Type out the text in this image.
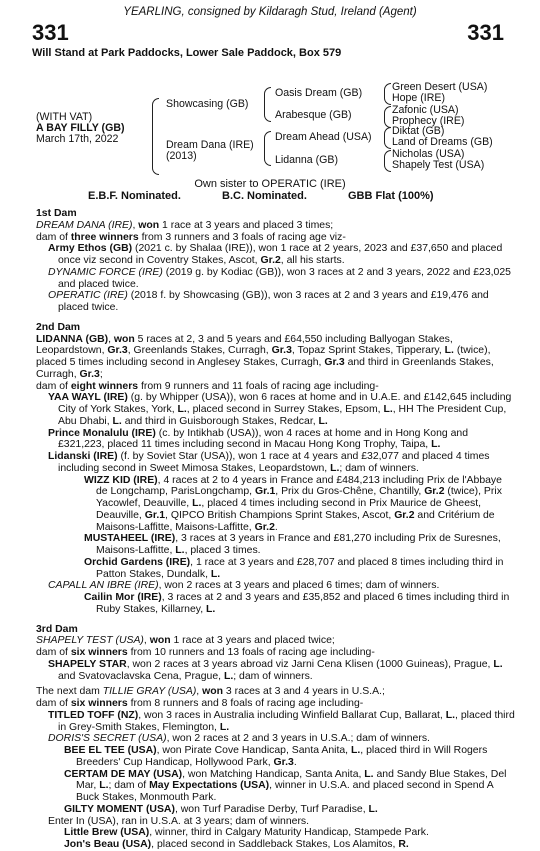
YEARLING, consigned by Kildaragh Stud, Ireland (Agent)
331	331
Will Stand at Park Paddocks, Lower Sale Paddock, Box 579
(WITH VAT)
A BAY FILLY (GB)
March 17th, 2022
Showcasing (GB)
Dream Dana (IRE)
(2013)
Oasis Dream (GB)
Arabesque (GB)
Dream Ahead (USA)
Lidanna (GB)
Green Desert (USA)
Hope (IRE)
Zafonic (USA)
Prophecy (IRE)
Diktat (GB)
Land of Dreams (GB)
Nicholas (USA)
Shapely Test (USA)
Own sister to OPERATIC (IRE)
E.B.F. Nominated.	B.C. Nominated.	GBB Flat (100%)
1st Dam
DREAM DANA (IRE), won 1 race at 3 years and placed 3 times;
dam of three winners from 3 runners and 3 foals of racing age viz-
Army Ethos (GB) (2021 c. by Shalaa (IRE)), won 1 race at 2 years, 2023 and £37,650 and placed once viz second in Coventry Stakes, Ascot, Gr.2, all his starts.
DYNAMIC FORCE (IRE) (2019 g. by Kodiac (GB)), won 3 races at 2 and 3 years, 2022 and £23,025 and placed twice.
OPERATIC (IRE) (2018 f. by Showcasing (GB)), won 3 races at 2 and 3 years and £19,476 and placed twice.
2nd Dam
LIDANNA (GB), won 5 races at 2, 3 and 5 years and £64,550 including Ballyogan Stakes, Leopardstown, Gr.3, Greenlands Stakes, Curragh, Gr.3, Topaz Sprint Stakes, Tipperary, L. (twice), placed 5 times including second in Anglesey Stakes, Curragh, Gr.3 and third in Greenlands Stakes, Curragh, Gr.3;
dam of eight winners from 9 runners and 11 foals of racing age including-
YAA WAYL (IRE) (g. by Whipper (USA)), won 6 races at home and in U.A.E. and £142,645 including City of York Stakes, York, L., placed second in Surrey Stakes, Epsom, L., HH The President Cup, Abu Dhabi, L. and third in Guisborough Stakes, Redcar, L.
Prince Monalulu (IRE) (c. by Intikhab (USA)), won 4 races at home and in Hong Kong and £321,223, placed 11 times including second in Macau Hong Kong Trophy, Taipa, L.
Lidanski (IRE) (f. by Soviet Star (USA)), won 1 race at 4 years and £32,077 and placed 4 times including second in Sweet Mimosa Stakes, Leopardstown, L.; dam of winners.
WIZZ KID (IRE), 4 races at 2 to 4 years in France and £484,213 including Prix de l'Abbaye de Longchamp, ParisLongchamp, Gr.1, Prix du Gros-Chêne, Chantilly, Gr.2 (twice), Prix Yacowlef, Deauville, L., placed 4 times including second in Prix Maurice de Gheest, Deauville, Gr.1, QIPCO British Champions Sprint Stakes, Ascot, Gr.2 and Critérium de Maisons-Laffitte, Maisons-Laffitte, Gr.2.
MUSTAHEEL (IRE), 3 races at 3 years in France and £81,270 including Prix de Suresnes, Maisons-Laffitte, L., placed 3 times.
Orchid Gardens (IRE), 1 race at 3 years and £28,707 and placed 8 times including third in Patton Stakes, Dundalk, L.
CAPALL AN IBRE (IRE), won 2 races at 3 years and placed 6 times; dam of winners.
Cailin Mor (IRE), 3 races at 2 and 3 years and £35,852 and placed 6 times including third in Ruby Stakes, Killarney, L.
3rd Dam
SHAPELY TEST (USA), won 1 race at 3 years and placed twice;
dam of six winners from 10 runners and 13 foals of racing age including-
SHAPELY STAR, won 2 races at 3 years abroad viz Jarni Cena Klisen (1000 Guineas), Prague, L. and Svatovaclavska Cena, Prague, L.; dam of winners.
The next dam TILLIE GRAY (USA), won 3 races at 3 and 4 years in U.S.A.;
dam of six winners from 8 runners and 8 foals of racing age including-
TITLED TOFF (NZ), won 3 races in Australia including Winfield Ballarat Cup, Ballarat, L., placed third in Grey-Smith Stakes, Flemington, L.
DORIS'S SECRET (USA), won 2 races at 2 and 3 years in U.S.A.; dam of winners.
BEE EL TEE (USA), won Pirate Cove Handicap, Santa Anita, L., placed third in Will Rogers Breeders' Cup Handicap, Hollywood Park, Gr.3.
CERTAM DE MAY (USA), won Matching Handicap, Santa Anita, L. and Sandy Blue Stakes, Del Mar, L.; dam of May Expectations (USA), winner in U.S.A. and placed second in Spend A Buck Stakes, Monmouth Park.
GILTY MOMENT (USA), won Turf Paradise Derby, Turf Paradise, L.
Enter In (USA), ran in U.S.A. at 3 years; dam of winners.
Little Brew (USA), winner, third in Calgary Maturity Handicap, Stampede Park.
Jon's Beau (USA), placed second in Saddleback Stakes, Los Alamitos, R.
